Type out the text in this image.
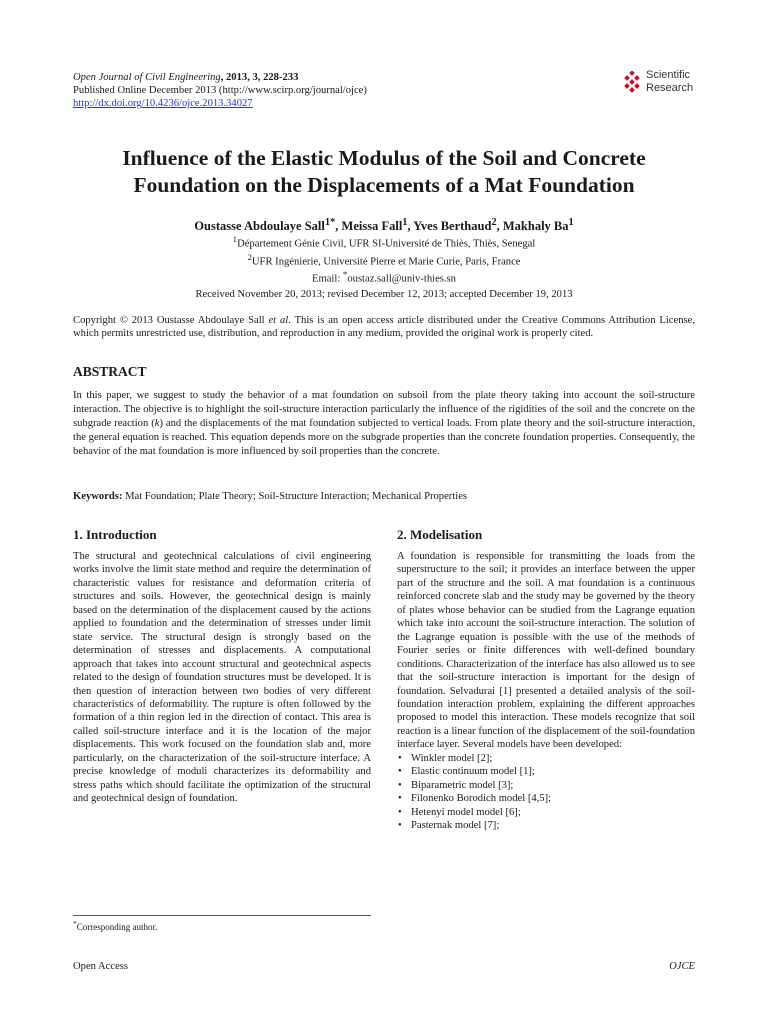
Open Journal of Civil Engineering, 2013, 3, 228-233
Published Online December 2013 (http://www.scirp.org/journal/ojce)
http://dx.doi.org/10.4236/ojce.2013.34027
Scientific
Research
Influence of the Elastic Modulus of the Soil and Concrete
Foundation on the Displacements of a Mat Foundation
Oustasse Abdoulaye Sall$^{1*}$, Meissa Fall$^1$, Yves Berthaud$^2$, Makhaly Ba$^1$
$^1$Département Génie Civil, UFR SI-Université de Thiès, Thiès, Senegal
$^2$UFR Ingénierie, Université Pierre et Marie Curie, Paris, France
Email: *oustaz.sall@univ-thies.sn
Received November 20, 2013; revised December 12, 2013; accepted December 19, 2013
Copyright © 2013 Oustasse Abdoulaye Sall et al. This is an open access article distributed under the Creative Commons Attribution License, which permits unrestricted use, distribution, and reproduction in any medium, provided the original work is properly cited.
ABSTRACT
In this paper, we suggest to study the behavior of a mat foundation on subsoil from the plate theory taking into account the soil-structure interaction. The objective is to highlight the soil-structure interaction particularly the influence of the rigidities of the soil and the concrete on the subgrade reaction (k) and the displacements of the mat foundation subjected to vertical loads. From plate theory and the soil-structure interaction, the general equation is reached. This equation depends more on the subgrade properties than the concrete foundation properties. Consequently, the behavior of the mat foundation is more influenced by soil properties than the concrete.
Keywords: Mat Foundation; Plate Theory; Soil-Structure Interaction; Mechanical Properties
1. Introduction

The structural and geotechnical calculations of civil engineering works involve the limit state method and require the determination of characteristic values for resistance and deformation criteria of structures and soils. However, the geotechnical design is mainly based on the determination of the displacement caused by the actions applied to foundation and the determination of stresses under limit state service. The structural design is strongly based on the determination of stresses and displacements. A computational approach that takes into account structural and geotechnical aspects related to the design of foundation structures must be developed. It is then question of interaction between two bodies of very different characteristics of deformability. The rupture is often followed by the formation of a thin region led in the direction of contact. This area is called soil-structure interface and it is the location of the major displacements. This work focused on the foundation slab and, more particularly, on the characterization of the soil-structure interface. A precise knowledge of moduli characterizes its deformability and stress paths which should facilitate the optimization of the structural and geotechnical design of foundation.

2. Modelisation

A foundation is responsible for transmitting the loads from the superstructure to the soil; it provides an interface between the upper part of the structure and the soil. A mat foundation is a continuous reinforced concrete slab and the study may be governed by the theory of plates whose behavior can be studied from the Lagrange equation which take into account the soil-structure interaction. The solution of the Lagrange equation is possible with the use of the methods of Fourier series or finite differences with well-defined boundary conditions. Characterization of the interface has also allowed us to see that the soil-structure interaction is important for the design of foundation. Selvadurai [1] presented a detailed analysis of the soil-foundation interaction problem, explaining the different approaches proposed to model this interaction. These models recognize that soil reaction is a linear function of the displacement of the soil-foundation interface layer. Several models have been developed:

• Winkler model [2];
• Elastic continuum model [1];
• Biparametric model [3];
• Filonenko Borodich model [4,5];
• Hetenyi model model [6];
• Pasternak model [7];
*Corresponding author.
Open Access	OJCE
